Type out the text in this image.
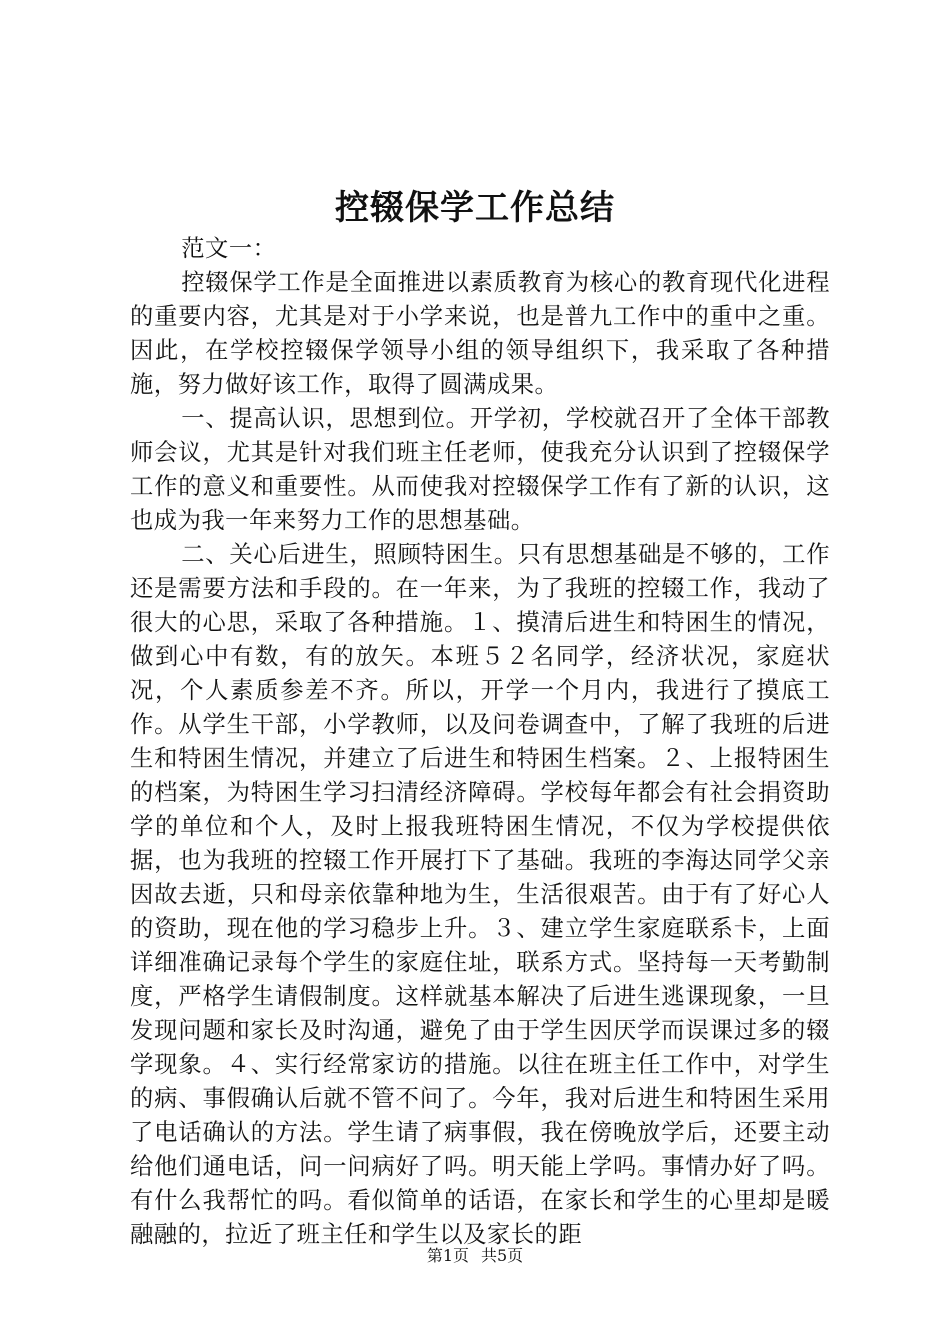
控辍保学工作总结

范文一：

控辍保学工作是全面推进以素质教育为核心的教育现代化进程的重要内容，尤其是对于小学来说，也是普九工作中的重中之重。因此，在学校控辍保学领导小组的领导组织下，我采取了各种措施，努力做好该工作，取得了圆满成果。

一、提高认识，思想到位。开学初，学校就召开了全体干部教师会议，尤其是针对我们班主任老师，使我充分认识到了控辍保学工作的意义和重要性。从而使我对控辍保学工作有了新的认识，这也成为我一年来努力工作的思想基础。

二、关心后进生，照顾特困生。只有思想基础是不够的，工作还是需要方法和手段的。在一年来，为了我班的控辍工作，我动了很大的心思，采取了各种措施。１、摸清后进生和特困生的情况，做到心中有数，有的放矢。本班５２名同学，经济状况，家庭状况，个人素质参差不齐。所以，开学一个月内，我进行了摸底工作。从学生干部，小学教师，以及问卷调查中，了解了我班的后进生和特困生情况，并建立了后进生和特困生档案。２、上报特困生的档案，为特困生学习扫清经济障碍。学校每年都会有社会捐资助学的单位和个人，及时上报我班特困生情况，不仅为学校提供依据，也为我班的控辍工作开展打下了基础。我班的李海达同学父亲因故去逝，只和母亲依靠种地为生，生活很艰苦。由于有了好心人的资助，现在他的学习稳步上升。３、建立学生家庭联系卡，上面详细准确记录每个学生的家庭住址，联系方式。坚持每一天考勤制度，严格学生请假制度。这样就基本解决了后进生逃课现象，一旦发现问题和家长及时沟通，避免了由于学生因厌学而误课过多的辍学现象。４、实行经常家访的措施。以往在班主任工作中，对学生的病、事假确认后就不管不问了。今年，我对后进生和特困生采用了电话确认的方法。学生请了病事假，我在傍晚放学后，还要主动给他们通电话，问一问病好了吗。明天能上学吗。事情办好了吗。有什么我帮忙的吗。看似简单的话语，在家长和学生的心里却是暖融融的，拉近了班主任和学生以及家长的距

第1页 共5页
